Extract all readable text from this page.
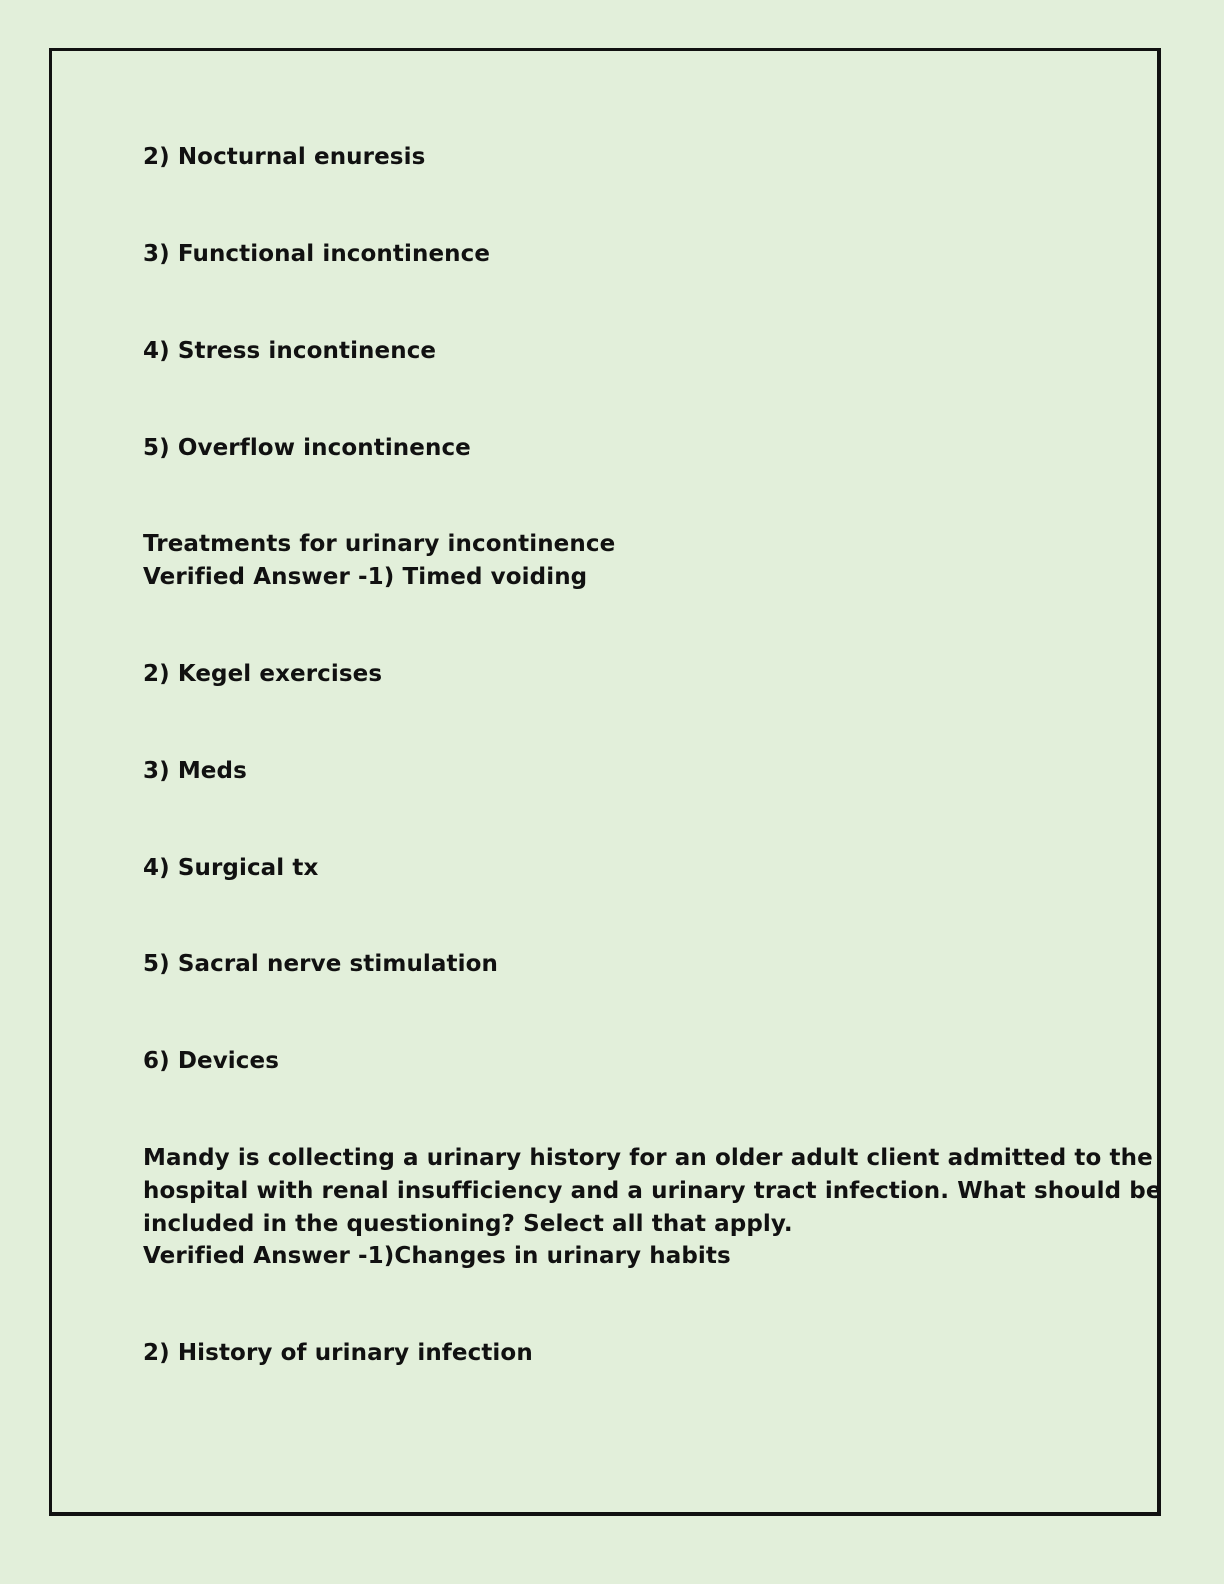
2) Nocturnal enuresis

3) Functional incontinence

4) Stress incontinence

5) Overflow incontinence

Treatments for urinary incontinence

Verified Answer -1) Timed voiding

2) Kegel exercises

3) Meds

4) Surgical tx

5) Sacral nerve stimulation

6) Devices

Mandy is collecting a urinary history for an older adult client admitted to the

hospital with renal insufficiency and a urinary tract infection. What should be

included in the questioning? Select all that apply.

Verified Answer -1)Changes in urinary habits

2) History of urinary infection
